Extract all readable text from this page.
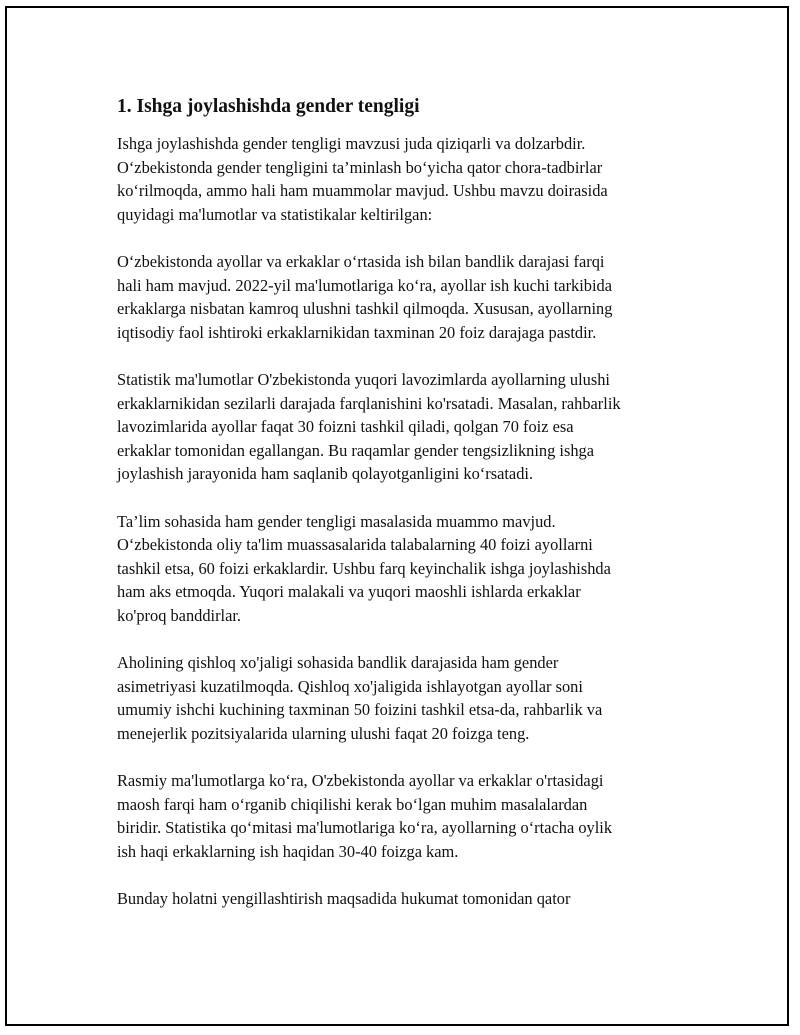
1. Ishga joylashishda gender tengligi
Ishga joylashishda gender tengligi mavzusi juda qiziqarli va dolzarbdir.
O‘zbekistonda gender tengligini ta’minlash bo‘yicha qator chora-tadbirlar
ko‘rilmoqda, ammo hali ham muammolar mavjud. Ushbu mavzu doirasida
quyidagi ma'lumotlar va statistikalar keltirilgan:
O‘zbekistonda ayollar va erkaklar o‘rtasida ish bilan bandlik darajasi farqi
hali ham mavjud. 2022-yil ma'lumotlariga ko‘ra, ayollar ish kuchi tarkibida
erkaklarga nisbatan kamroq ulushni tashkil qilmoqda. Xususan, ayollarning
iqtisodiy faol ishtiroki erkaklarnikidan taxminan 20 foiz darajaga pastdir.
Statistik ma'lumotlar O'zbekistonda yuqori lavozimlarda ayollarning ulushi
erkaklarnikidan sezilarli darajada farqlanishini ko'rsatadi. Masalan, rahbarlik
lavozimlarida ayollar faqat 30 foizni tashkil qiladi, qolgan 70 foiz esa
erkaklar tomonidan egallangan. Bu raqamlar gender tengsizlikning ishga
joylashish jarayonida ham saqlanib qolayotganligini ko‘rsatadi.
Ta’lim sohasida ham gender tengligi masalasida muammo mavjud.
O‘zbekistonda oliy ta'lim muassasalarida talabalarning 40 foizi ayollarni
tashkil etsa, 60 foizi erkaklardir. Ushbu farq keyinchalik ishga joylashishda
ham aks etmoqda. Yuqori malakali va yuqori maoshli ishlarda erkaklar
ko'proq banddirlar.
Aholining qishloq xo'jaligi sohasida bandlik darajasida ham gender
asimetriyasi kuzatilmoqda. Qishloq xo'jaligida ishlayotgan ayollar soni
umumiy ishchi kuchining taxminan 50 foizini tashkil etsa-da, rahbarlik va
menejerlik pozitsiyalarida ularning ulushi faqat 20 foizga teng.
Rasmiy ma'lumotlarga ko‘ra, O'zbekistonda ayollar va erkaklar o'rtasidagi
maosh farqi ham o‘rganib chiqilishi kerak bo‘lgan muhim masalalardan
biridir. Statistika qo‘mitasi ma'lumotlariga ko‘ra, ayollarning o‘rtacha oylik
ish haqi erkaklarning ish haqidan 30-40 foizga kam.
Bunday holatni yengillashtirish maqsadida hukumat tomonidan qator
